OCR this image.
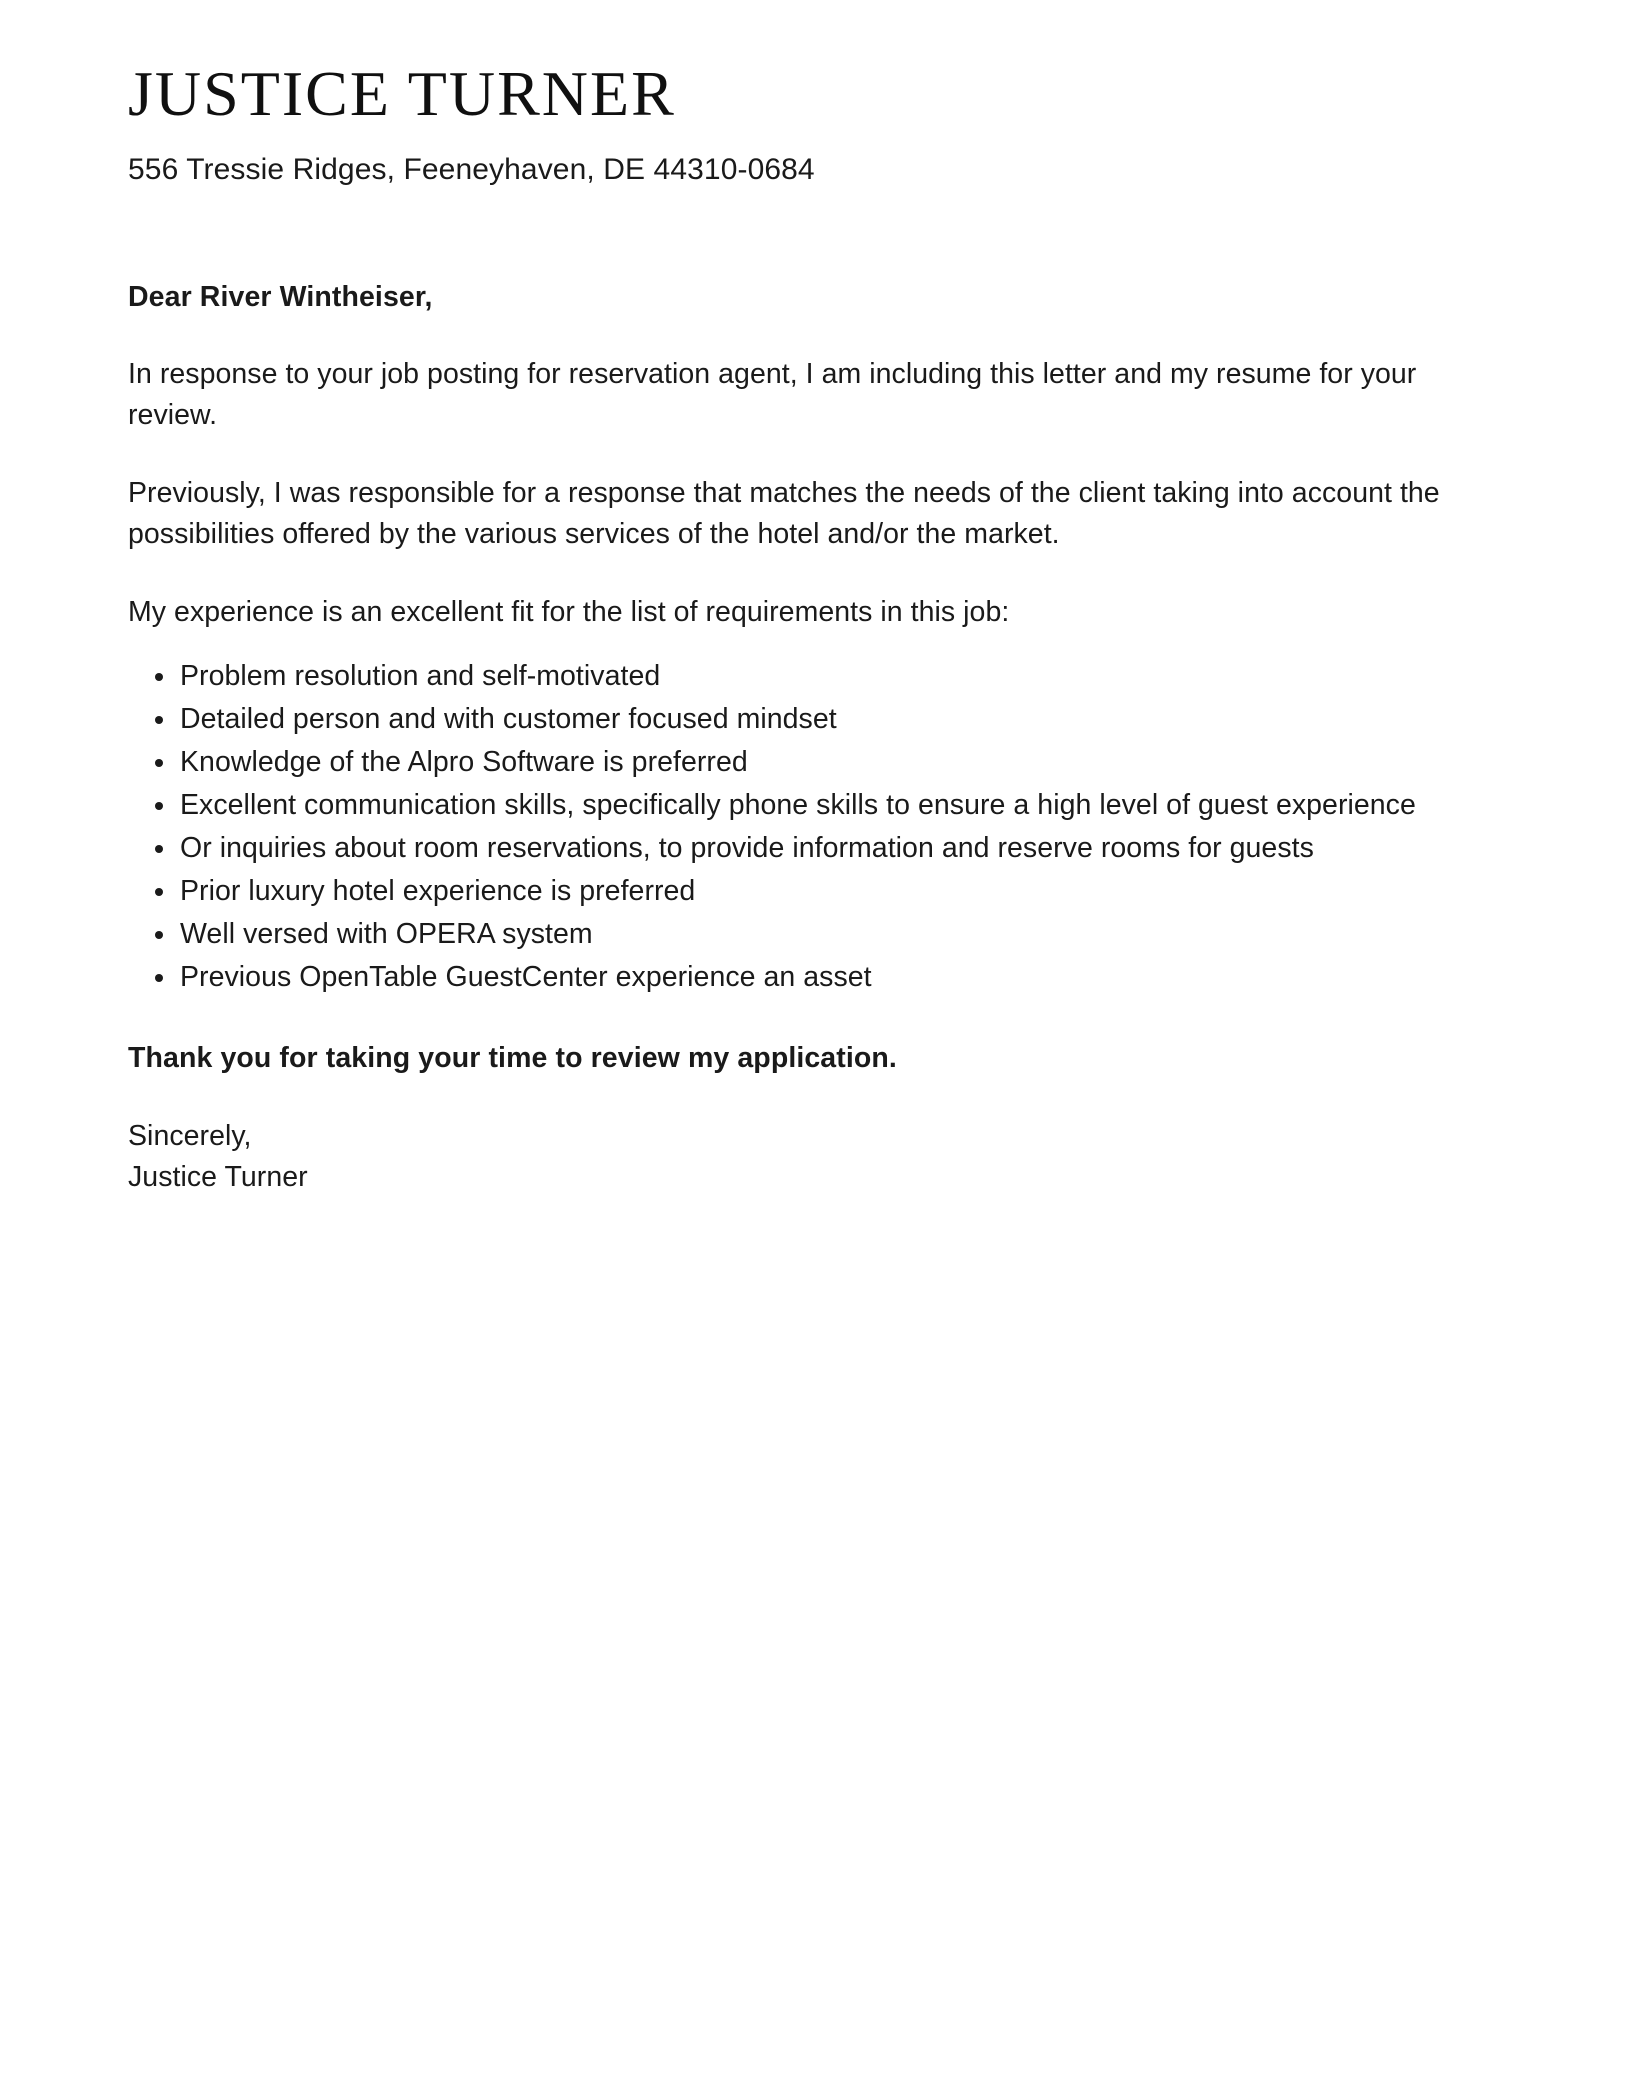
JUSTICE TURNER

556 Tressie Ridges, Feeneyhaven, DE 44310-0684

Dear River Wintheiser,

In response to your job posting for reservation agent, I am including this letter and my resume for your review.

Previously, I was responsible for a response that matches the needs of the client taking into account the possibilities offered by the various services of the hotel and/or the market.

My experience is an excellent fit for the list of requirements in this job:

Problem resolution and self-motivated
Detailed person and with customer focused mindset
Knowledge of the Alpro Software is preferred
Excellent communication skills, specifically phone skills to ensure a high level of guest experience
Or inquiries about room reservations, to provide information and reserve rooms for guests
Prior luxury hotel experience is preferred
Well versed with OPERA system
Previous OpenTable GuestCenter experience an asset

Thank you for taking your time to review my application.

Sincerely,
Justice Turner
